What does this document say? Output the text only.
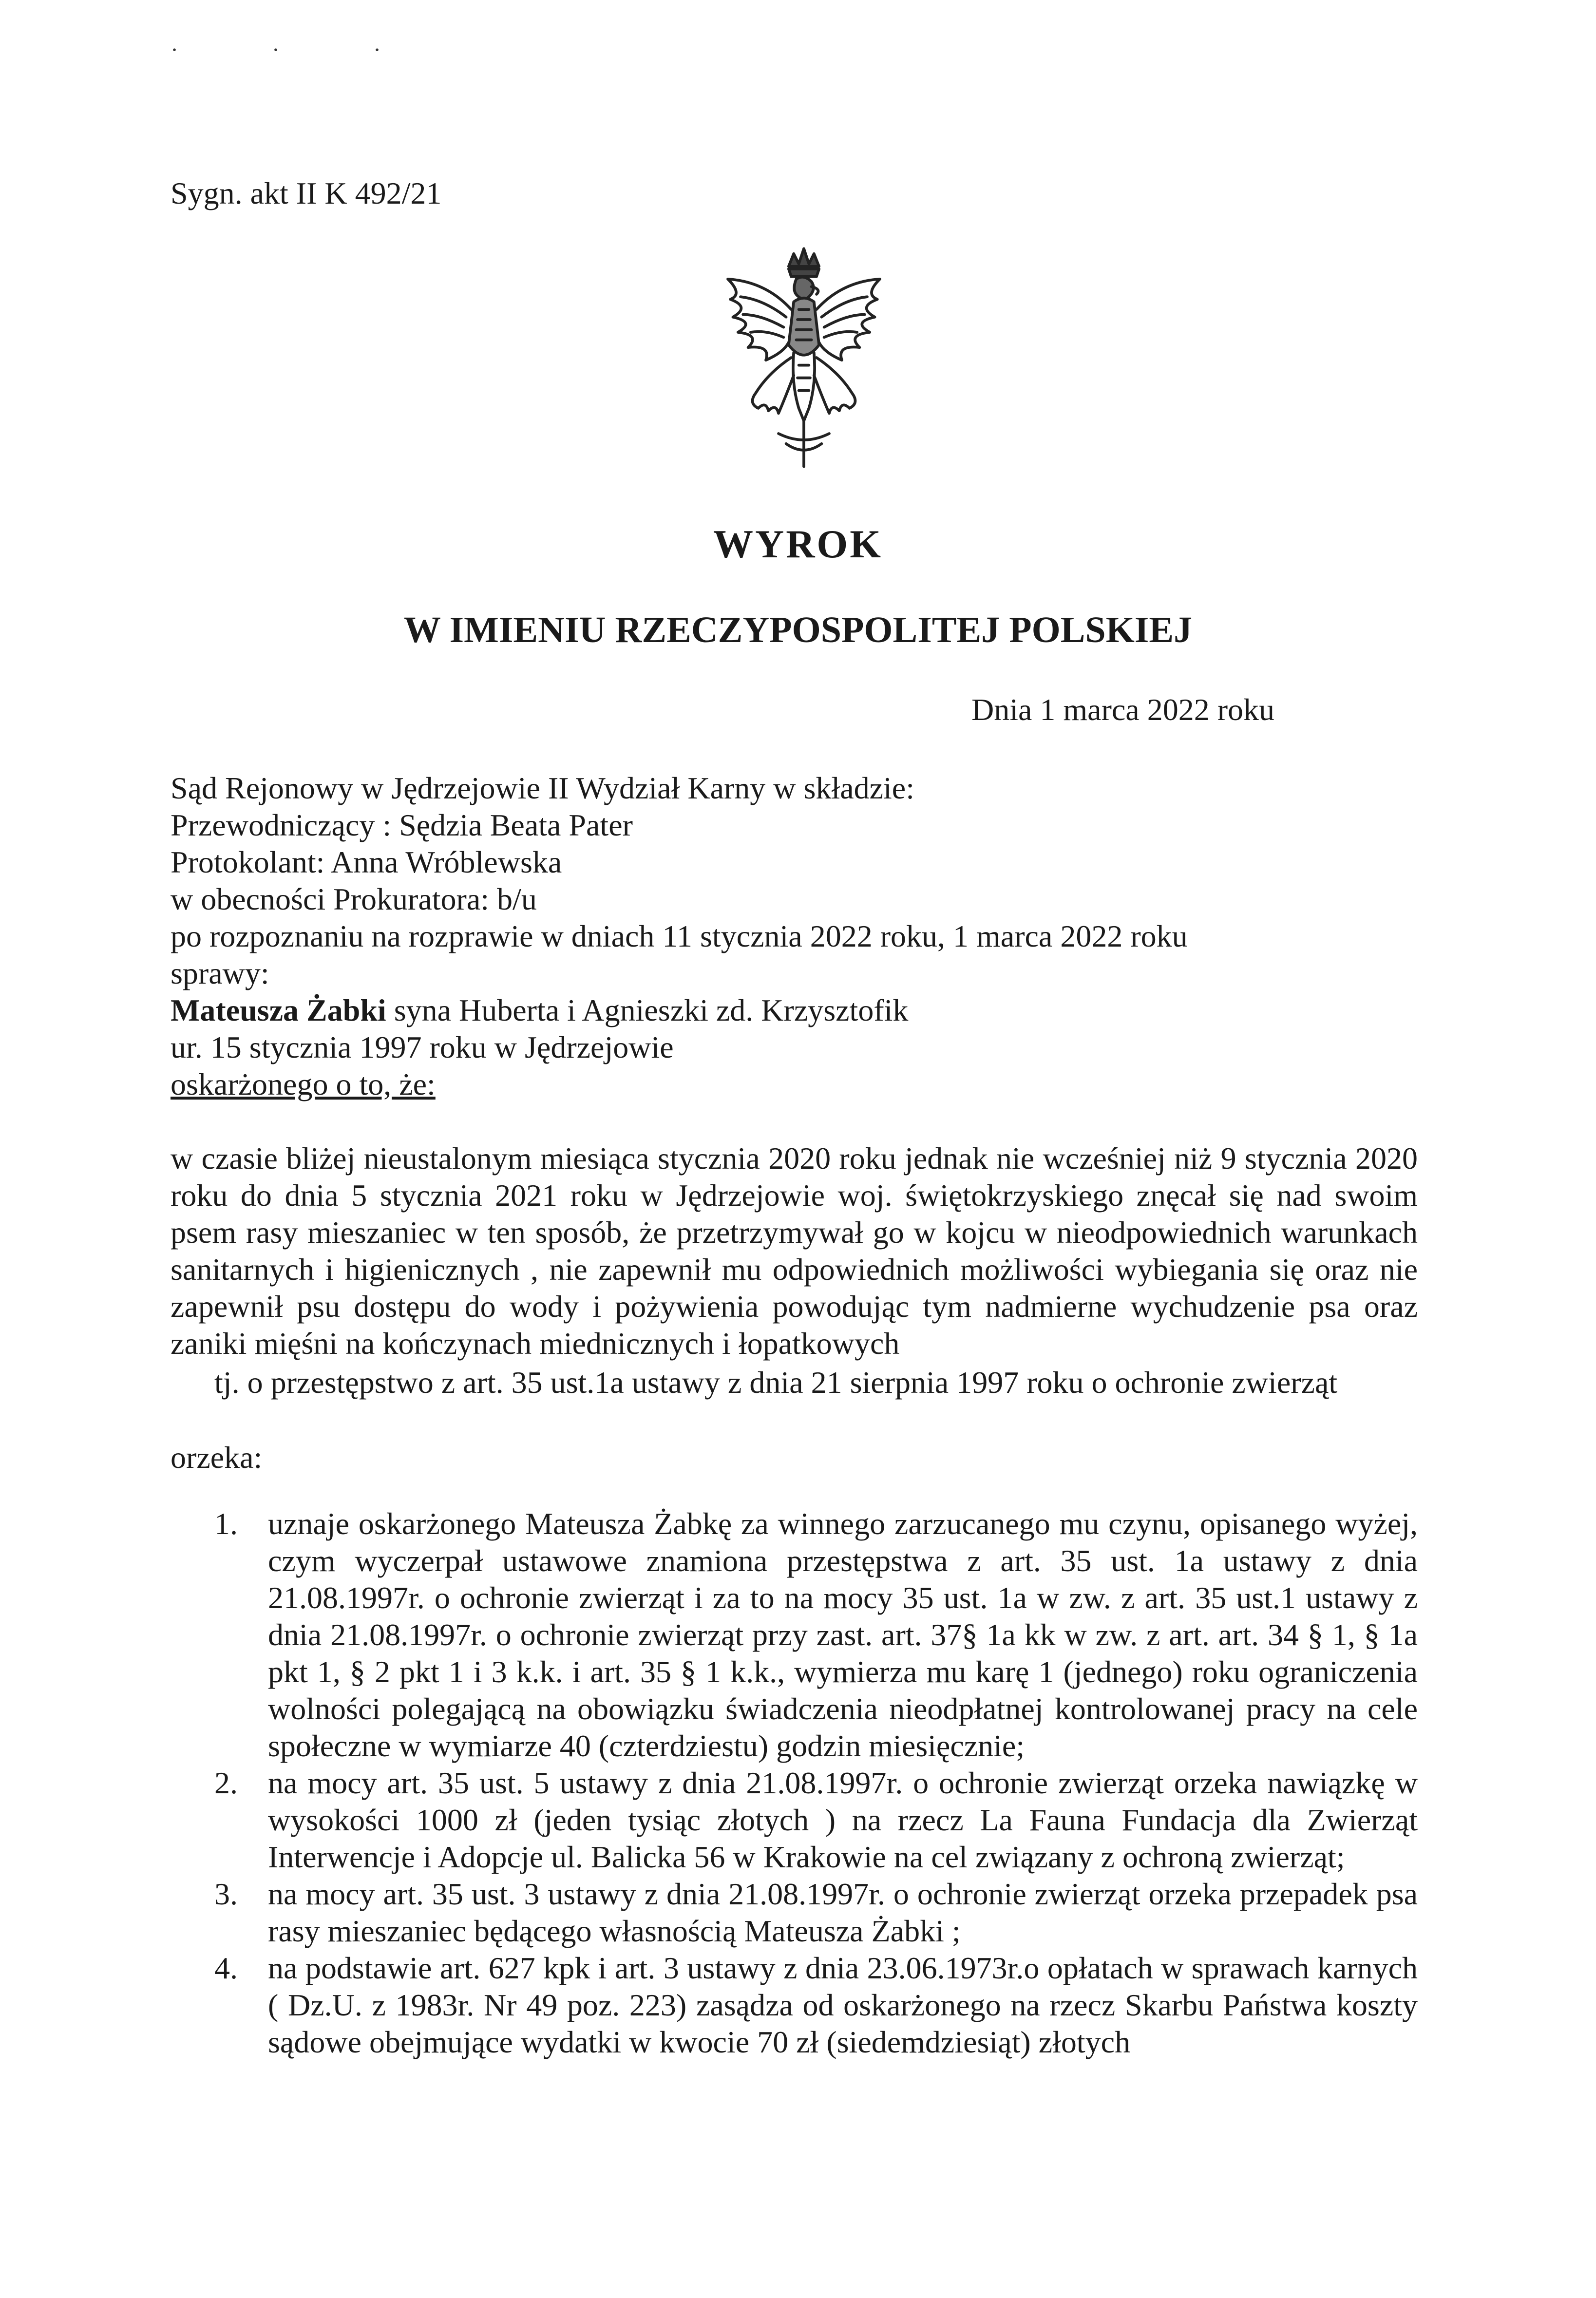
· · ·
Sygn. akt II K 492/21
WYROK
W IMIENIU RZECZYPOSPOLITEJ POLSKIEJ
Dnia 1 marca 2022 roku
Sąd Rejonowy w Jędrzejowie II Wydział Karny w składzie:
Przewodniczący : Sędzia Beata Pater
Protokolant: Anna Wróblewska
w obecności Prokuratora: b/u
po rozpoznaniu na rozprawie w dniach 11 stycznia 2022 roku, 1 marca 2022 roku
sprawy:
Mateusza Żabki syna Huberta i Agnieszki zd. Krzysztofik
ur. 15 stycznia 1997 roku w Jędrzejowie
oskarżonego o to, że:
w czasie bliżej nieustalonym miesiąca stycznia 2020 roku jednak nie wcześniej niż 9 stycznia 2020 roku do dnia 5 stycznia 2021 roku w Jędrzejowie woj. świętokrzyskiego znęcał się nad swoim psem rasy mieszaniec w ten sposób, że przetrzymywał go w kojcu w nieodpowiednich warunkach sanitarnych i higienicznych , nie zapewnił mu odpowiednich możliwości wybiegania się oraz nie zapewnił psu dostępu do wody i pożywienia powodując tym nadmierne wychudzenie psa oraz zaniki mięśni na kończynach miednicznych i łopatkowych
tj. o przestępstwo z art. 35 ust.1a ustawy z dnia 21 sierpnia 1997 roku o ochronie zwierząt
orzeka:
1. uznaje oskarżonego Mateusza Żabkę za winnego zarzucanego mu czynu, opisanego wyżej, czym wyczerpał ustawowe znamiona przestępstwa z art. 35 ust. 1a ustawy z dnia 21.08.1997r. o ochronie zwierząt i za to na mocy 35 ust. 1a w zw. z art. 35 ust.1 ustawy z dnia 21.08.1997r. o ochronie zwierząt przy zast. art. 37§ 1a kk w zw. z art. art. 34 § 1, § 1a pkt 1, § 2 pkt 1 i 3 k.k. i art. 35 § 1 k.k., wymierza mu karę 1 (jednego) roku ograniczenia wolności polegającą na obowiązku świadczenia nieodpłatnej kontrolowanej pracy na cele społeczne w wymiarze 40 (czterdziestu) godzin miesięcznie;
2. na mocy art. 35 ust. 5 ustawy z dnia 21.08.1997r. o ochronie zwierząt orzeka nawiązkę w wysokości 1000 zł (jeden tysiąc złotych ) na rzecz La Fauna Fundacja dla Zwierząt Interwencje i Adopcje ul. Balicka 56 w Krakowie na cel związany z ochroną zwierząt;
3. na mocy art. 35 ust. 3 ustawy z dnia 21.08.1997r. o ochronie zwierząt orzeka przepadek psa rasy mieszaniec będącego własnością Mateusza Żabki ;
4. na podstawie art. 627 kpk i art. 3 ustawy z dnia 23.06.1973r.o opłatach w sprawach karnych ( Dz.U. z 1983r. Nr 49 poz. 223) zasądza od oskarżonego na rzecz Skarbu Państwa koszty sądowe obejmujące wydatki w kwocie 70 zł (siedemdziesiąt) złotych
